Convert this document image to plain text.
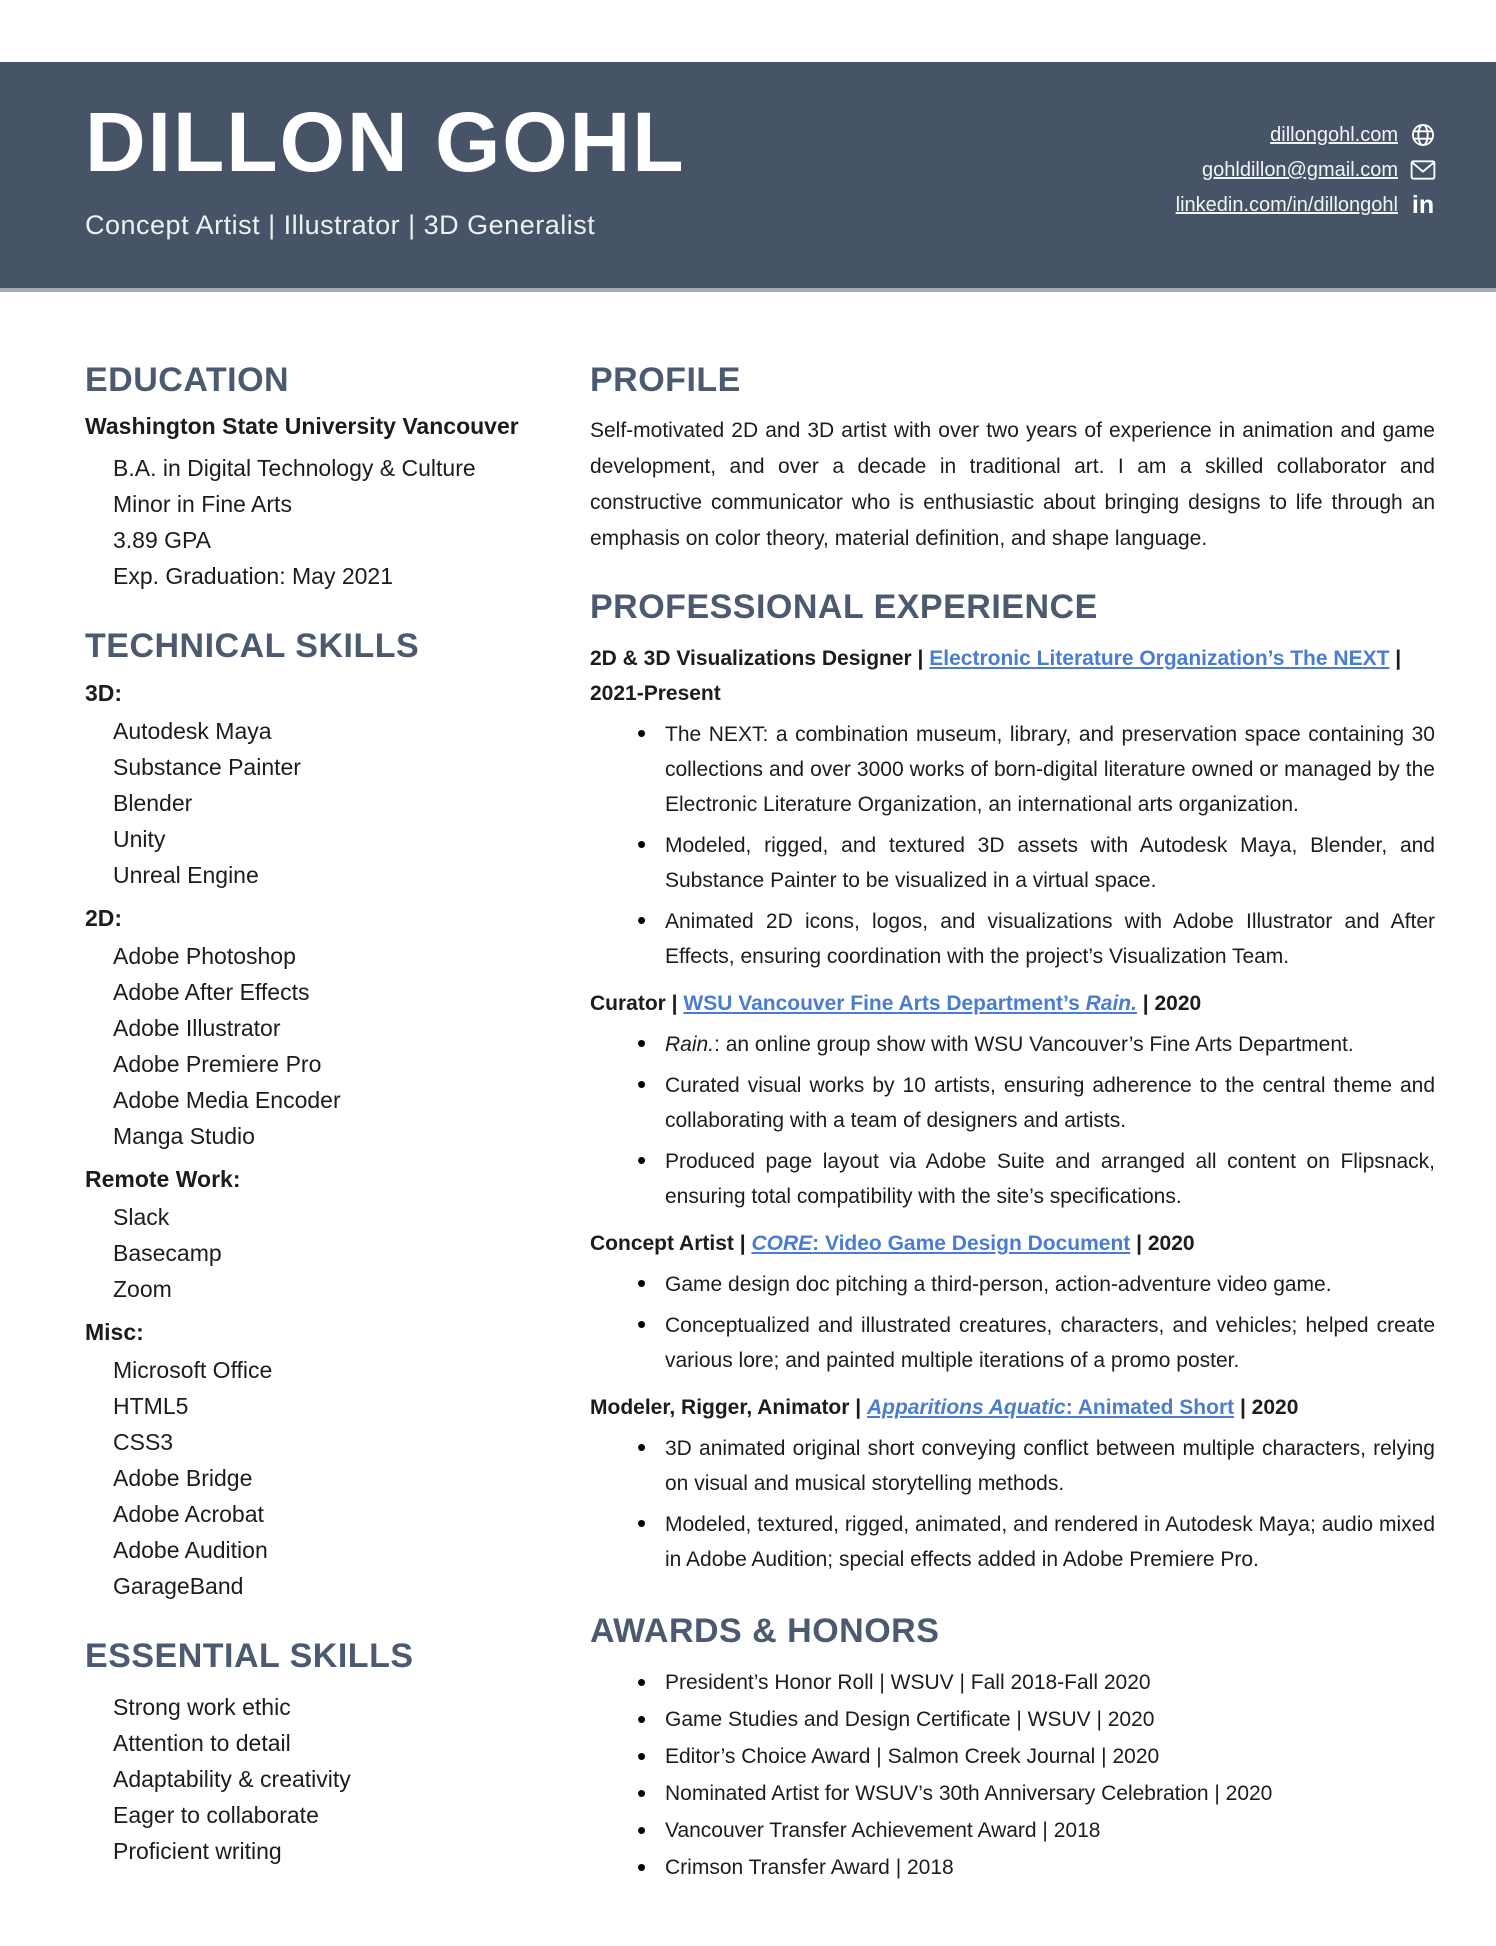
DILLON GOHL
Concept Artist | Illustrator | 3D Generalist
dillongohl.com
gohldillon@gmail.com
linkedin.com/in/dillongohl in
EDUCATION
Washington State University Vancouver
B.A. in Digital Technology & Culture
Minor in Fine Arts
3.89 GPA
Exp. Graduation: May 2021
TECHNICAL SKILLS
3D:
Autodesk Maya
Substance Painter
Blender
Unity
Unreal Engine
2D:
Adobe Photoshop
Adobe After Effects
Adobe Illustrator
Adobe Premiere Pro
Adobe Media Encoder
Manga Studio
Remote Work:
Slack
Basecamp
Zoom
Misc:
Microsoft Office
HTML5
CSS3
Adobe Bridge
Adobe Acrobat
Adobe Audition
GarageBand
ESSENTIAL SKILLS
Strong work ethic
Attention to detail
Adaptability & creativity
Eager to collaborate
Proficient writing
PROFILE

Self-motivated 2D and 3D artist with over two years of experience in animation and game development, and over a decade in traditional art. I am a skilled collaborator and constructive communicator who is enthusiastic about bringing designs to life through an emphasis on color theory, material definition, and shape language.

PROFESSIONAL EXPERIENCE
2D & 3D Visualizations Designer | Electronic Literature Organization’s The NEXT |
2021-Present
• The NEXT: a combination museum, library, and preservation space containing 30 collections and over 3000 works of born-digital literature owned or managed by the Electronic Literature Organization, an international arts organization.
• Modeled, rigged, and textured 3D assets with Autodesk Maya, Blender, and Substance Painter to be visualized in a virtual space.
• Animated 2D icons, logos, and visualizations with Adobe Illustrator and After Effects, ensuring coordination with the project’s Visualization Team.
Curator | WSU Vancouver Fine Arts Department’s Rain. | 2020
• Rain.: an online group show with WSU Vancouver’s Fine Arts Department.
• Curated visual works by 10 artists, ensuring adherence to the central theme and collaborating with a team of designers and artists.
• Produced page layout via Adobe Suite and arranged all content on Flipsnack, ensuring total compatibility with the site’s specifications.
Concept Artist | CORE: Video Game Design Document | 2020
• Game design doc pitching a third-person, action-adventure video game.
• Conceptualized and illustrated creatures, characters, and vehicles; helped create various lore; and painted multiple iterations of a promo poster.
Modeler, Rigger, Animator | Apparitions Aquatic: Animated Short | 2020
• 3D animated original short conveying conflict between multiple characters, relying on visual and musical storytelling methods.
• Modeled, textured, rigged, animated, and rendered in Autodesk Maya; audio mixed in Adobe Audition; special effects added in Adobe Premiere Pro.
AWARDS & HONORS
• President’s Honor Roll | WSUV | Fall 2018-Fall 2020
• Game Studies and Design Certificate | WSUV | 2020
• Editor’s Choice Award | Salmon Creek Journal | 2020
• Nominated Artist for WSUV’s 30th Anniversary Celebration | 2020
• Vancouver Transfer Achievement Award | 2018
• Crimson Transfer Award | 2018
